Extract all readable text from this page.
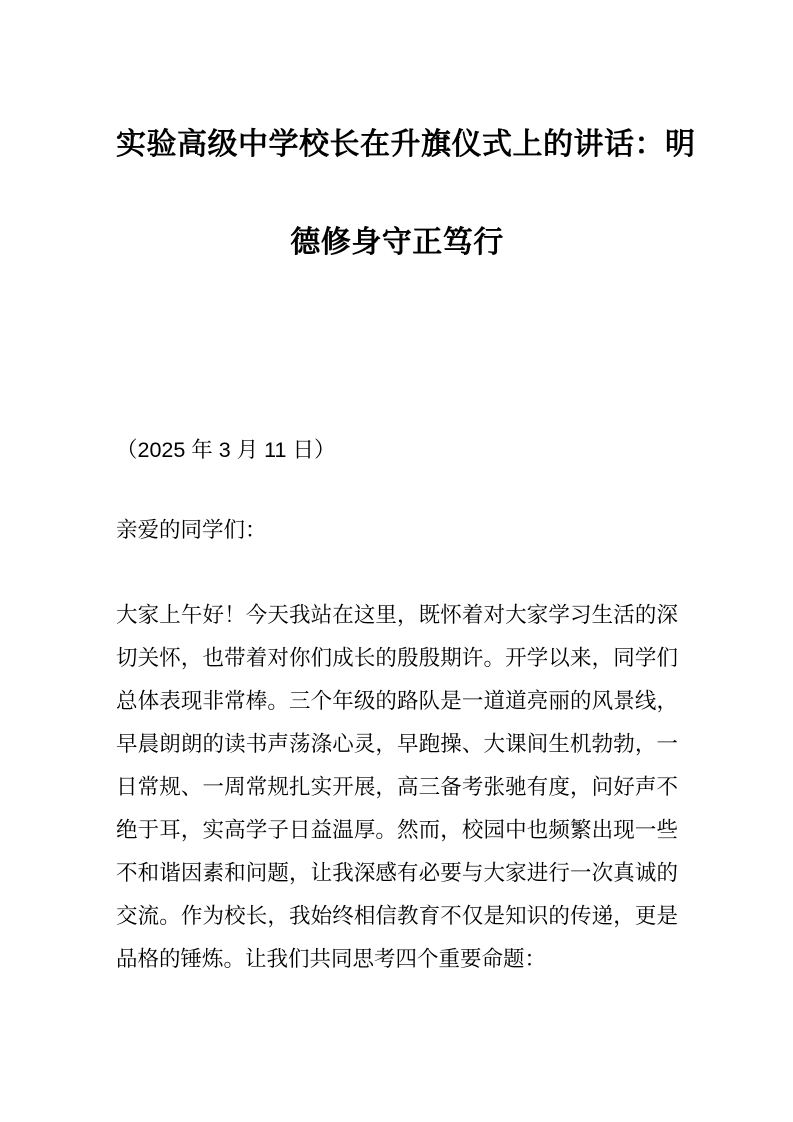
实验高级中学校长在升旗仪式上的讲话：明
德修身守正笃行

（2025 年 3 月 11 日）

亲爱的同学们：

大家上午好！今天我站在这里，既怀着对大家学习生活的深
切关怀，也带着对你们成长的殷殷期许。开学以来，同学们
总体表现非常棒。三个年级的路队是一道道亮丽的风景线，
早晨朗朗的读书声荡涤心灵，早跑操、大课间生机勃勃，一
日常规、一周常规扎实开展，高三备考张驰有度，问好声不
绝于耳，实高学子日益温厚。然而，校园中也频繁出现一些
不和谐因素和问题，让我深感有必要与大家进行一次真诚的
交流。作为校长，我始终相信教育不仅是知识的传递，更是
品格的锤炼。让我们共同思考四个重要命题：
